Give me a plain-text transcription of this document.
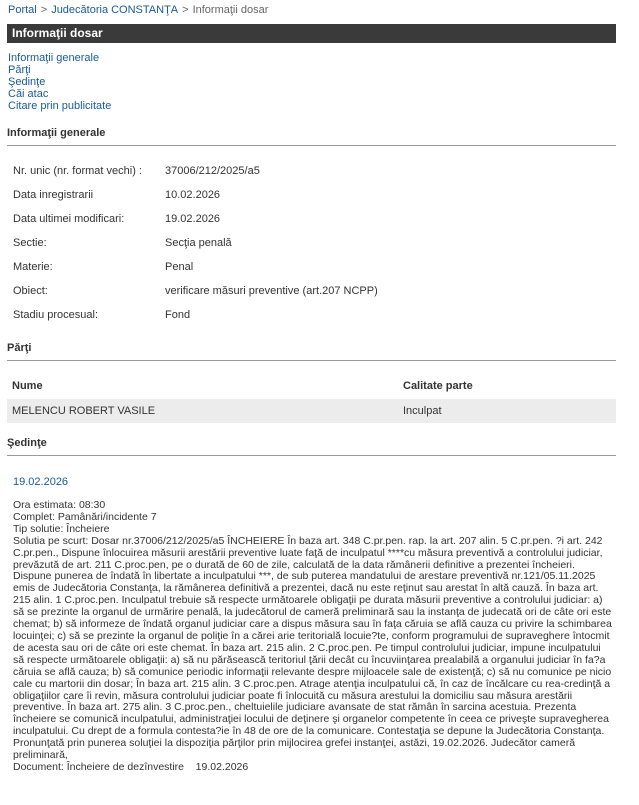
Portal > Judecătoria CONSTANŢA > Informaţii dosar
Informaţii dosar
Informaţii generale
Părţi
Şedinţe
Căi atac
Citare prin publicitate
Informaţii generale
Nr. unic (nr. format vechi) :	37006/212/2025/a5
Data inregistrarii	10.02.2026
Data ultimei modificari:	19.02.2026
Sectie:	Secţia penală
Materie:	Penal
Obiect:	verificare măsuri preventive (art.207 NCPP)
Stadiu procesual:	Fond
Părţi
Nume	Calitate parte
MELENCU ROBERT VASILE	Inculpat
Şedinţe
19.02.2026
Ora estimata: 08:30
Complet: Pamânări/incidente 7
Tip solutie: Încheiere
Solutia pe scurt: Dosar nr.37006/212/2025/a5 ÎNCHEIERE În baza art. 348 C.pr.pen. rap. la art. 207 alin. 5 C.pr.pen. ?i art. 242 C.pr.pen., Dispune înlocuirea măsurii arestării preventive luate faţă de inculpatul ****cu măsura preventivă a controlului judiciar, prevăzută de art. 211 C.proc.pen, pe o durată de 60 de zile, calculată de la data rămânerii definitive a prezentei încheieri. Dispune punerea de îndată în libertate a inculpatului ***, de sub puterea mandatului de arestare preventivă nr.121/05.11.2025 emis de Judecătoria Constanţa, la rămânerea definitivă a prezentei, dacă nu este reţinut sau arestat în altă cauză. În baza art. 215 alin. 1 C.proc.pen. Inculpatul trebuie să respecte următoarele obligaţii pe durata măsurii preventive a controlului judiciar: a) să se prezinte la organul de urmărire penală, la judecătorul de cameră preliminară sau la instanţa de judecată ori de câte ori este chemat; b) să informeze de îndată organul judiciar care a dispus măsura sau în faţa căruia se află cauza cu privire la schimbarea locuinţei; c) să se prezinte la organul de poliţie în a cărei arie teritorială locuie?te, conform programului de supraveghere întocmit de acesta sau ori de câte ori este chemat. În baza art. 215 alin. 2 C.proc.pen. Pe timpul controlului judiciar, impune inculpatului să respecte următoarele obligaţii: a) să nu părăsească teritoriul ţării decât cu încuviinţarea prealabilă a organului judiciar în fa?a căruia se află cauza; b) să comunice periodic informaţii relevante despre mijloacele sale de existenţă; c) să nu comunice pe nicio cale cu martorii din dosar; În baza art. 215 alin. 3 C.proc.pen. Atrage atenţia inculpatului că, în caz de încălcare cu rea-credinţă a obligaţiilor care îi revin, măsura controlului judiciar poate fi înlocuită cu măsura arestului la domiciliu sau măsura arestării preventive. În baza art. 275 alin. 3 C.proc.pen., cheltuielile judiciare avansate de stat rămân în sarcina acestuia. Prezenta încheiere se comunică inculpatului, administraţiei locului de deţinere şi organelor competente în ceea ce priveşte supravegherea inculpatului. Cu drept de a formula contesta?ie în 48 de ore de la comunicare. Contestaţia se depune la Judecătoria Constanţa. Pronunţată prin punerea soluţiei la dispoziţia părţilor prin mijlocirea grefei instanţei, astăzi, 19.02.2026. Judecător cameră preliminară,
Document: Încheiere de dezînvestire    19.02.2026
